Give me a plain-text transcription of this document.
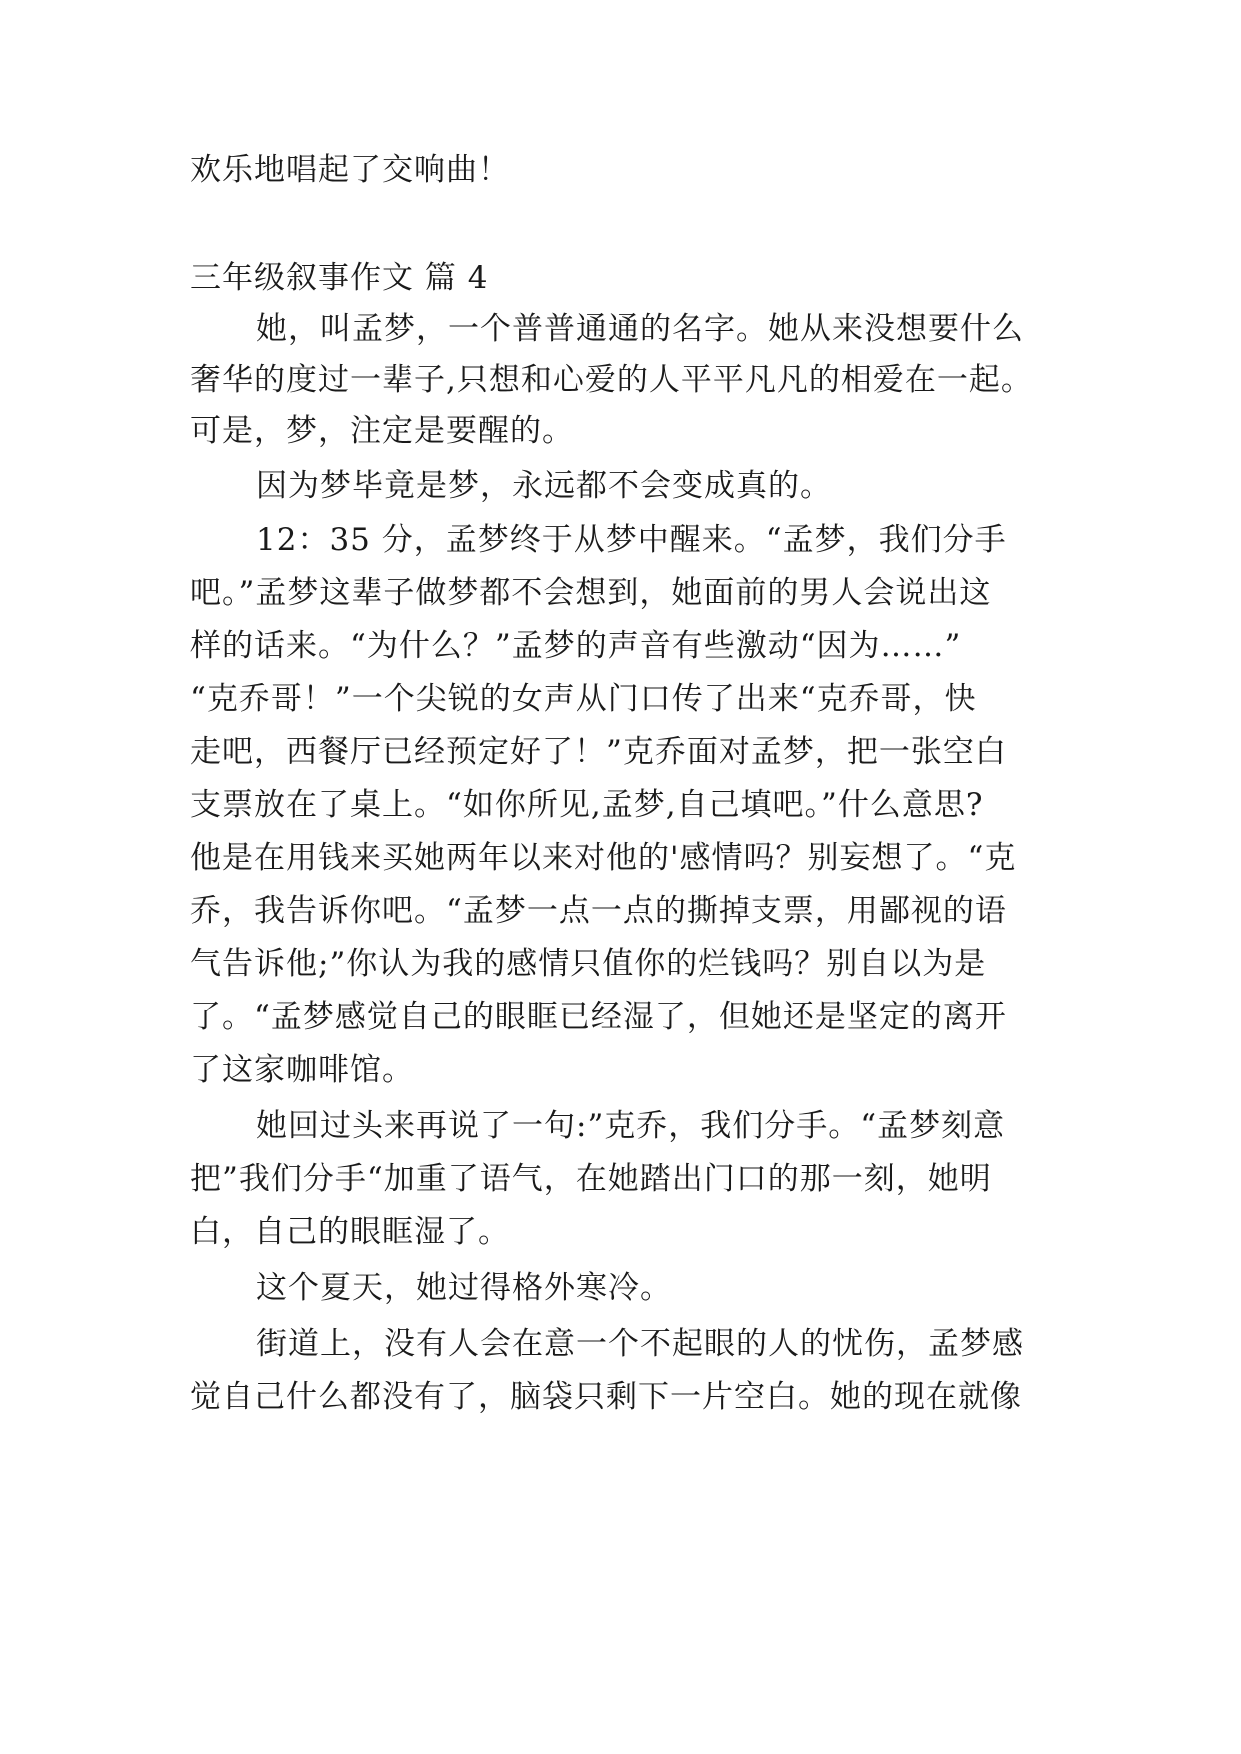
欢乐地唱起了交响曲！
三年级叙事作文 篇 4
她，叫孟梦，一个普普通通的名字。她从来没想要什么
奢华的度过一辈子,只想和心爱的人平平凡凡的相爱在一起。
可是，梦，注定是要醒的。
因为梦毕竟是梦，永远都不会变成真的。
12：35 分，孟梦终于从梦中醒来。“孟梦，我们分手
吧。”孟梦这辈子做梦都不会想到，她面前的男人会说出这
样的话来。“为什么？”孟梦的声音有些激动“因为……”
“克乔哥！”一个尖锐的女声从门口传了出来“克乔哥，快
走吧，西餐厅已经预定好了！”克乔面对孟梦，把一张空白
支票放在了桌上。“如你所见,孟梦,自己填吧。”什么意思?
他是在用钱来买她两年以来对他的'感情吗？别妄想了。“克
乔，我告诉你吧。“孟梦一点一点的撕掉支票，用鄙视的语
气告诉他;”你认为我的感情只值你的烂钱吗？别自以为是
了。“孟梦感觉自己的眼眶已经湿了，但她还是坚定的离开
了这家咖啡馆。
她回过头来再说了一句:”克乔，我们分手。“孟梦刻意
把”我们分手“加重了语气，在她踏出门口的那一刻，她明
白，自己的眼眶湿了。
这个夏天，她过得格外寒冷。
街道上，没有人会在意一个不起眼的人的忧伤，孟梦感
觉自己什么都没有了，脑袋只剩下一片空白。她的现在就像
